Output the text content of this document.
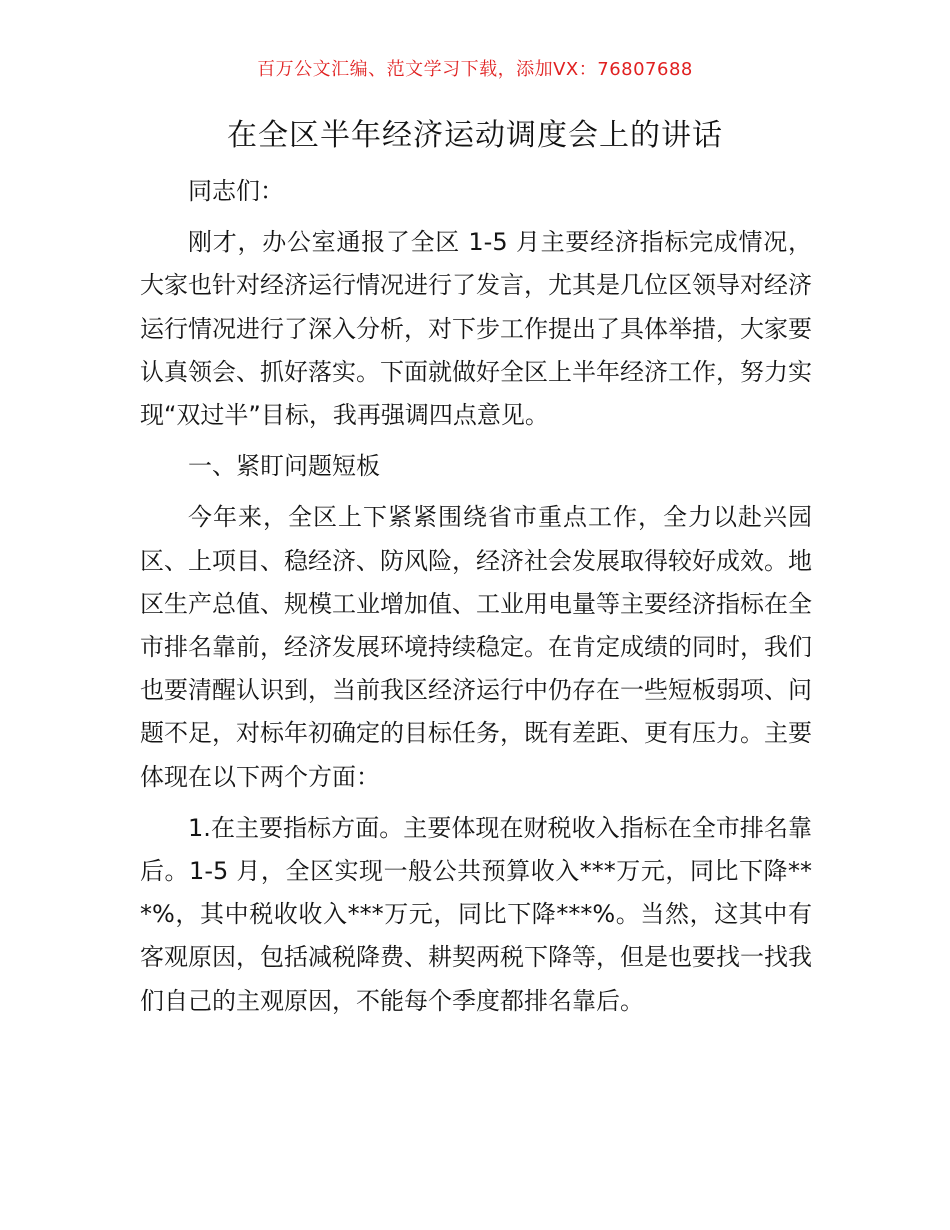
百万公文汇编、范文学习下载，添加VX：76807688
在全区半年经济运动调度会上的讲话

同志们：

刚才，办公室通报了全区 1-5 月主要经济指标完成情况，大家也针对经济运行情况进行了发言，尤其是几位区领导对经济运行情况进行了深入分析，对下步工作提出了具体举措，大家要认真领会、抓好落实。下面就做好全区上半年经济工作，努力实现“双过半”目标，我再强调四点意见。

一、紧盯问题短板

今年来，全区上下紧紧围绕省市重点工作，全力以赴兴园区、上项目、稳经济、防风险，经济社会发展取得较好成效。地区生产总值、规模工业增加值、工业用电量等主要经济指标在全市排名靠前，经济发展环境持续稳定。在肯定成绩的同时，我们也要清醒认识到，当前我区经济运行中仍存在一些短板弱项、问题不足，对标年初确定的目标任务，既有差距、更有压力。主要体现在以下两个方面：

1.在主要指标方面。主要体现在财税收入指标在全市排名靠后。1-5 月，全区实现一般公共预算收入***万元，同比下降***%，其中税收收入***万元，同比下降***%。当然，这其中有客观原因，包括减税降费、耕契两税下降等，但是也要找一找我们自己的主观原因，不能每个季度都排名靠后。
